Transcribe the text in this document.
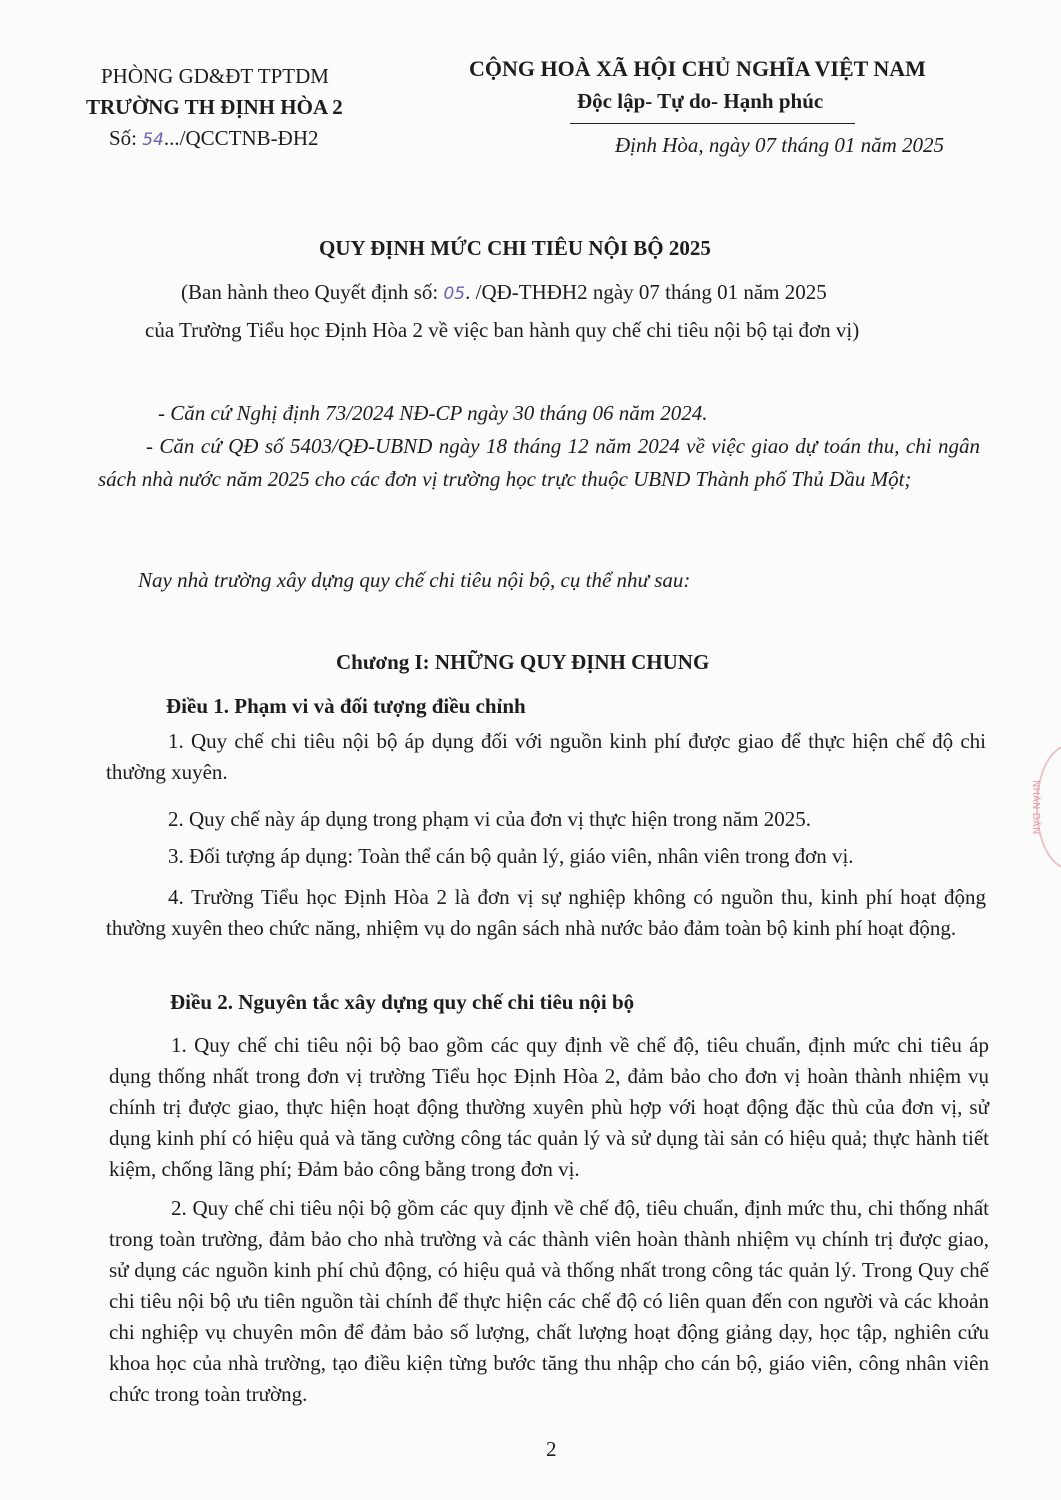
PHÒNG GD&ĐT TPTDM
TRƯỜNG TH ĐỊNH HÒA 2
Số: 54.../QCCTNB-ĐH2
CỘNG HOÀ XÃ HỘI CHỦ NGHĨA VIỆT NAM
Độc lập- Tự do- Hạnh phúc
Định Hòa, ngày 07 tháng 01 năm 2025
QUY ĐỊNH MỨC CHI TIÊU NỘI BỘ 2025
(Ban hành theo Quyết định số: 05. /QĐ-THĐH2 ngày 07 tháng 01 năm 2025
của Trường Tiểu học Định Hòa 2 về việc ban hành quy chế chi tiêu nội bộ tại đơn vị)
- Căn cứ Nghị định 73/2024 NĐ-CP ngày 30 tháng 06 năm 2024.
- Căn cứ QĐ số 5403/QĐ-UBND ngày 18 tháng 12 năm 2024 về việc giao dự toán thu, chi ngân sách nhà nước năm 2025 cho các đơn vị trường học trực thuộc UBND Thành phố Thủ Dầu Một;
Nay nhà trường xây dựng quy chế chi tiêu nội bộ, cụ thể như sau:
Chương I: NHỮNG QUY ĐỊNH CHUNG
Điều 1. Phạm vi và đối tượng điều chỉnh
1. Quy chế chi tiêu nội bộ áp dụng đối với nguồn kinh phí được giao để thực hiện chế độ chi thường xuyên.
2. Quy chế này áp dụng trong phạm vi của đơn vị thực hiện trong năm 2025.
3. Đối tượng áp dụng: Toàn thể cán bộ quản lý, giáo viên, nhân viên trong đơn vị.
4. Trường Tiểu học Định Hòa 2 là đơn vị sự nghiệp không có nguồn thu, kinh phí hoạt động thường xuyên theo chức năng, nhiệm vụ do ngân sách nhà nước bảo đảm toàn bộ kinh phí hoạt động.
Điều 2. Nguyên tắc xây dựng quy chế chi tiêu nội bộ
1. Quy chế chi tiêu nội bộ bao gồm các quy định về chế độ, tiêu chuẩn, định mức chi tiêu áp dụng thống nhất trong đơn vị trường Tiểu học Định Hòa 2, đảm bảo cho đơn vị hoàn thành nhiệm vụ chính trị được giao, thực hiện hoạt động thường xuyên phù hợp với hoạt động đặc thù của đơn vị, sử dụng kinh phí có hiệu quả và tăng cường công tác quản lý và sử dụng tài sản có hiệu quả; thực hành tiết kiệm, chống lãng phí; Đảm bảo công bằng trong đơn vị.
2. Quy chế chi tiêu nội bộ gồm các quy định về chế độ, tiêu chuẩn, định mức thu, chi thống nhất trong toàn trường, đảm bảo cho nhà trường và các thành viên hoàn thành nhiệm vụ chính trị được giao, sử dụng các nguồn kinh phí chủ động, có hiệu quả và thống nhất trong công tác quản lý. Trong Quy chế chi tiêu nội bộ ưu tiên nguồn tài chính để thực hiện các chế độ có liên quan đến con người và các khoản chi nghiệp vụ chuyên môn để đảm bảo số lượng, chất lượng hoạt động giảng dạy, học tập, nghiên cứu khoa học của nhà trường, tạo điều kiện từng bước tăng thu nhập cho cán bộ, giáo viên, công nhân viên chức trong toàn trường.
2
NHÂN DÂN
